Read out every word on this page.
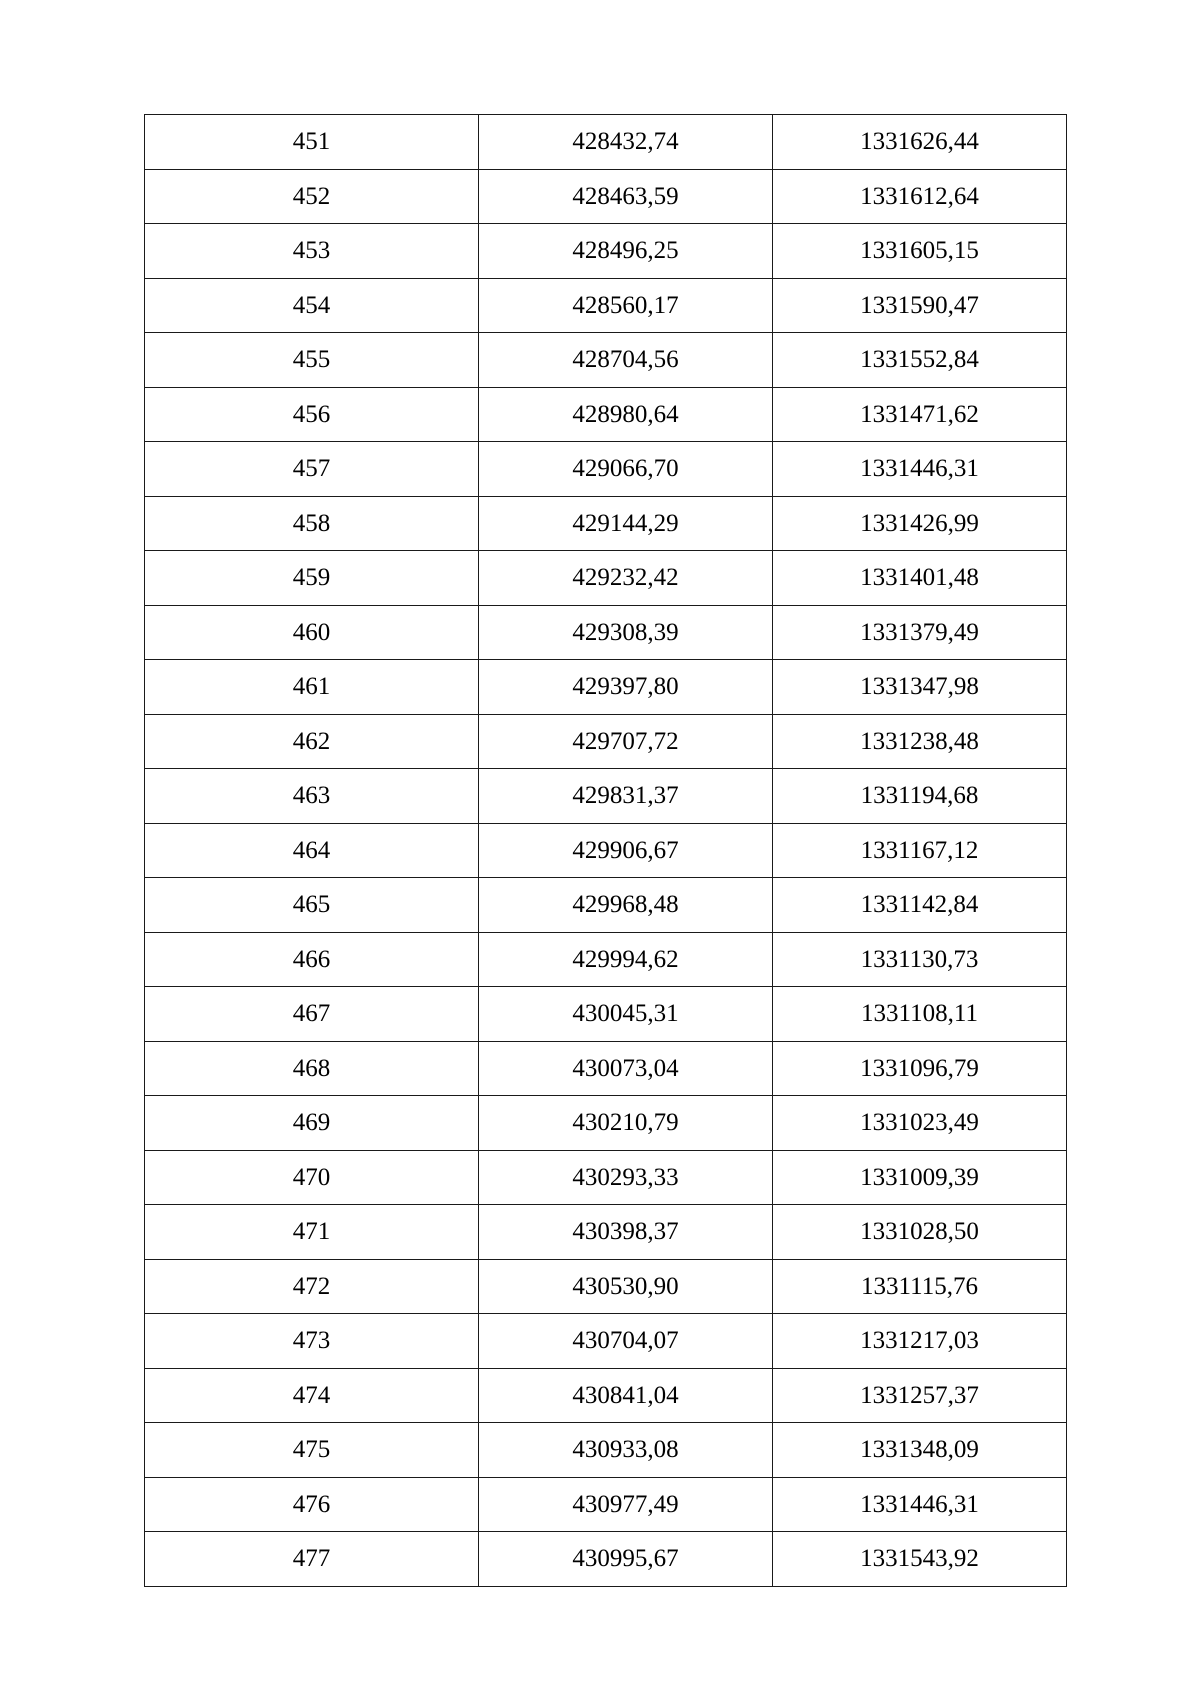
451	428432,74	1331626,44
452	428463,59	1331612,64
453	428496,25	1331605,15
454	428560,17	1331590,47
455	428704,56	1331552,84
456	428980,64	1331471,62
457	429066,70	1331446,31
458	429144,29	1331426,99
459	429232,42	1331401,48
460	429308,39	1331379,49
461	429397,80	1331347,98
462	429707,72	1331238,48
463	429831,37	1331194,68
464	429906,67	1331167,12
465	429968,48	1331142,84
466	429994,62	1331130,73
467	430045,31	1331108,11
468	430073,04	1331096,79
469	430210,79	1331023,49
470	430293,33	1331009,39
471	430398,37	1331028,50
472	430530,90	1331115,76
473	430704,07	1331217,03
474	430841,04	1331257,37
475	430933,08	1331348,09
476	430977,49	1331446,31
477	430995,67	1331543,92
